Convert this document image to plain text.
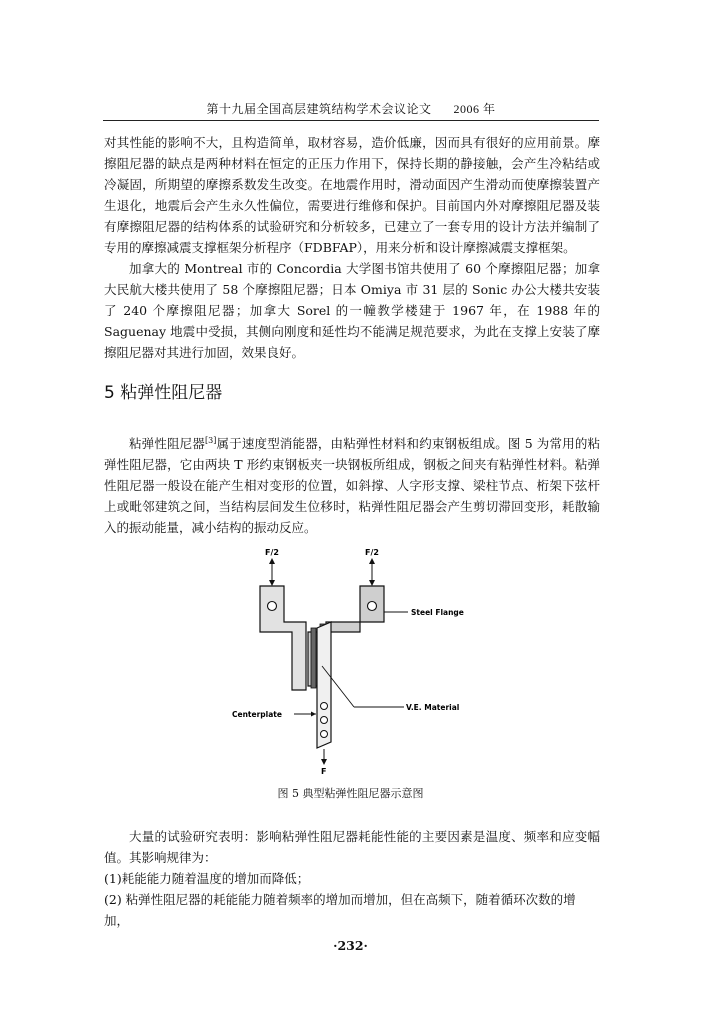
第十九届全国高层建筑结构学术会议论文 2006 年

对其性能的影响不大，且构造简单，取材容易，造价低廉，因而具有很好的应用前景。摩擦阻尼器的缺点是两种材料在恒定的正压力作用下，保持长期的静接触，会产生冷粘结或冷凝固，所期望的摩擦系数发生改变。在地震作用时，滑动面因产生滑动而使摩擦装置产生退化，地震后会产生永久性偏位，需要进行维修和保护。目前国内外对摩擦阻尼器及装有摩擦阻尼器的结构体系的试验研究和分析较多，已建立了一套专用的设计方法并编制了专用的摩擦减震支撑框架分析程序（FDBFAP），用来分析和设计摩擦减震支撑框架。

加拿大的 Montreal 市的 Concordia 大学图书馆共使用了 60 个摩擦阻尼器；加拿大民航大楼共使用了 58 个摩擦阻尼器；日本 Omiya 市 31 层的 Sonic 办公大楼共安装了 240 个摩擦阻尼器；加拿大 Sorel 的一幢教学楼建于 1967 年，在 1988 年的 Saguenay 地震中受损，其侧向刚度和延性均不能满足规范要求，为此在支撑上安装了摩擦阻尼器对其进行加固，效果良好。

5 粘弹性阻尼器

粘弹性阻尼器[3]属于速度型消能器，由粘弹性材料和约束钢板组成。图 5 为常用的粘弹性阻尼器，它由两块 T 形约束钢板夹一块钢板所组成，钢板之间夹有粘弹性材料。粘弹性阻尼器一般设在能产生相对变形的位置，如斜撑、人字形支撑、梁柱节点、桁架下弦杆上或毗邻建筑之间，当结构层间发生位移时，粘弹性阻尼器会产生剪切滞回变形，耗散输入的振动能量，减小结构的振动反应。

F/2	F/2
F
Steel Flange
V.E. Material
Centerplate
图 5 典型粘弹性阻尼器示意图

大量的试验研究表明：影响粘弹性阻尼器耗能性能的主要因素是温度、频率和应变幅值。其影响规律为：

(1)耗能能力随着温度的增加而降低；
(2) 粘弹性阻尼器的耗能能力随着频率的增加而增加，但在高频下，随着循环次数的增加，
·232·
